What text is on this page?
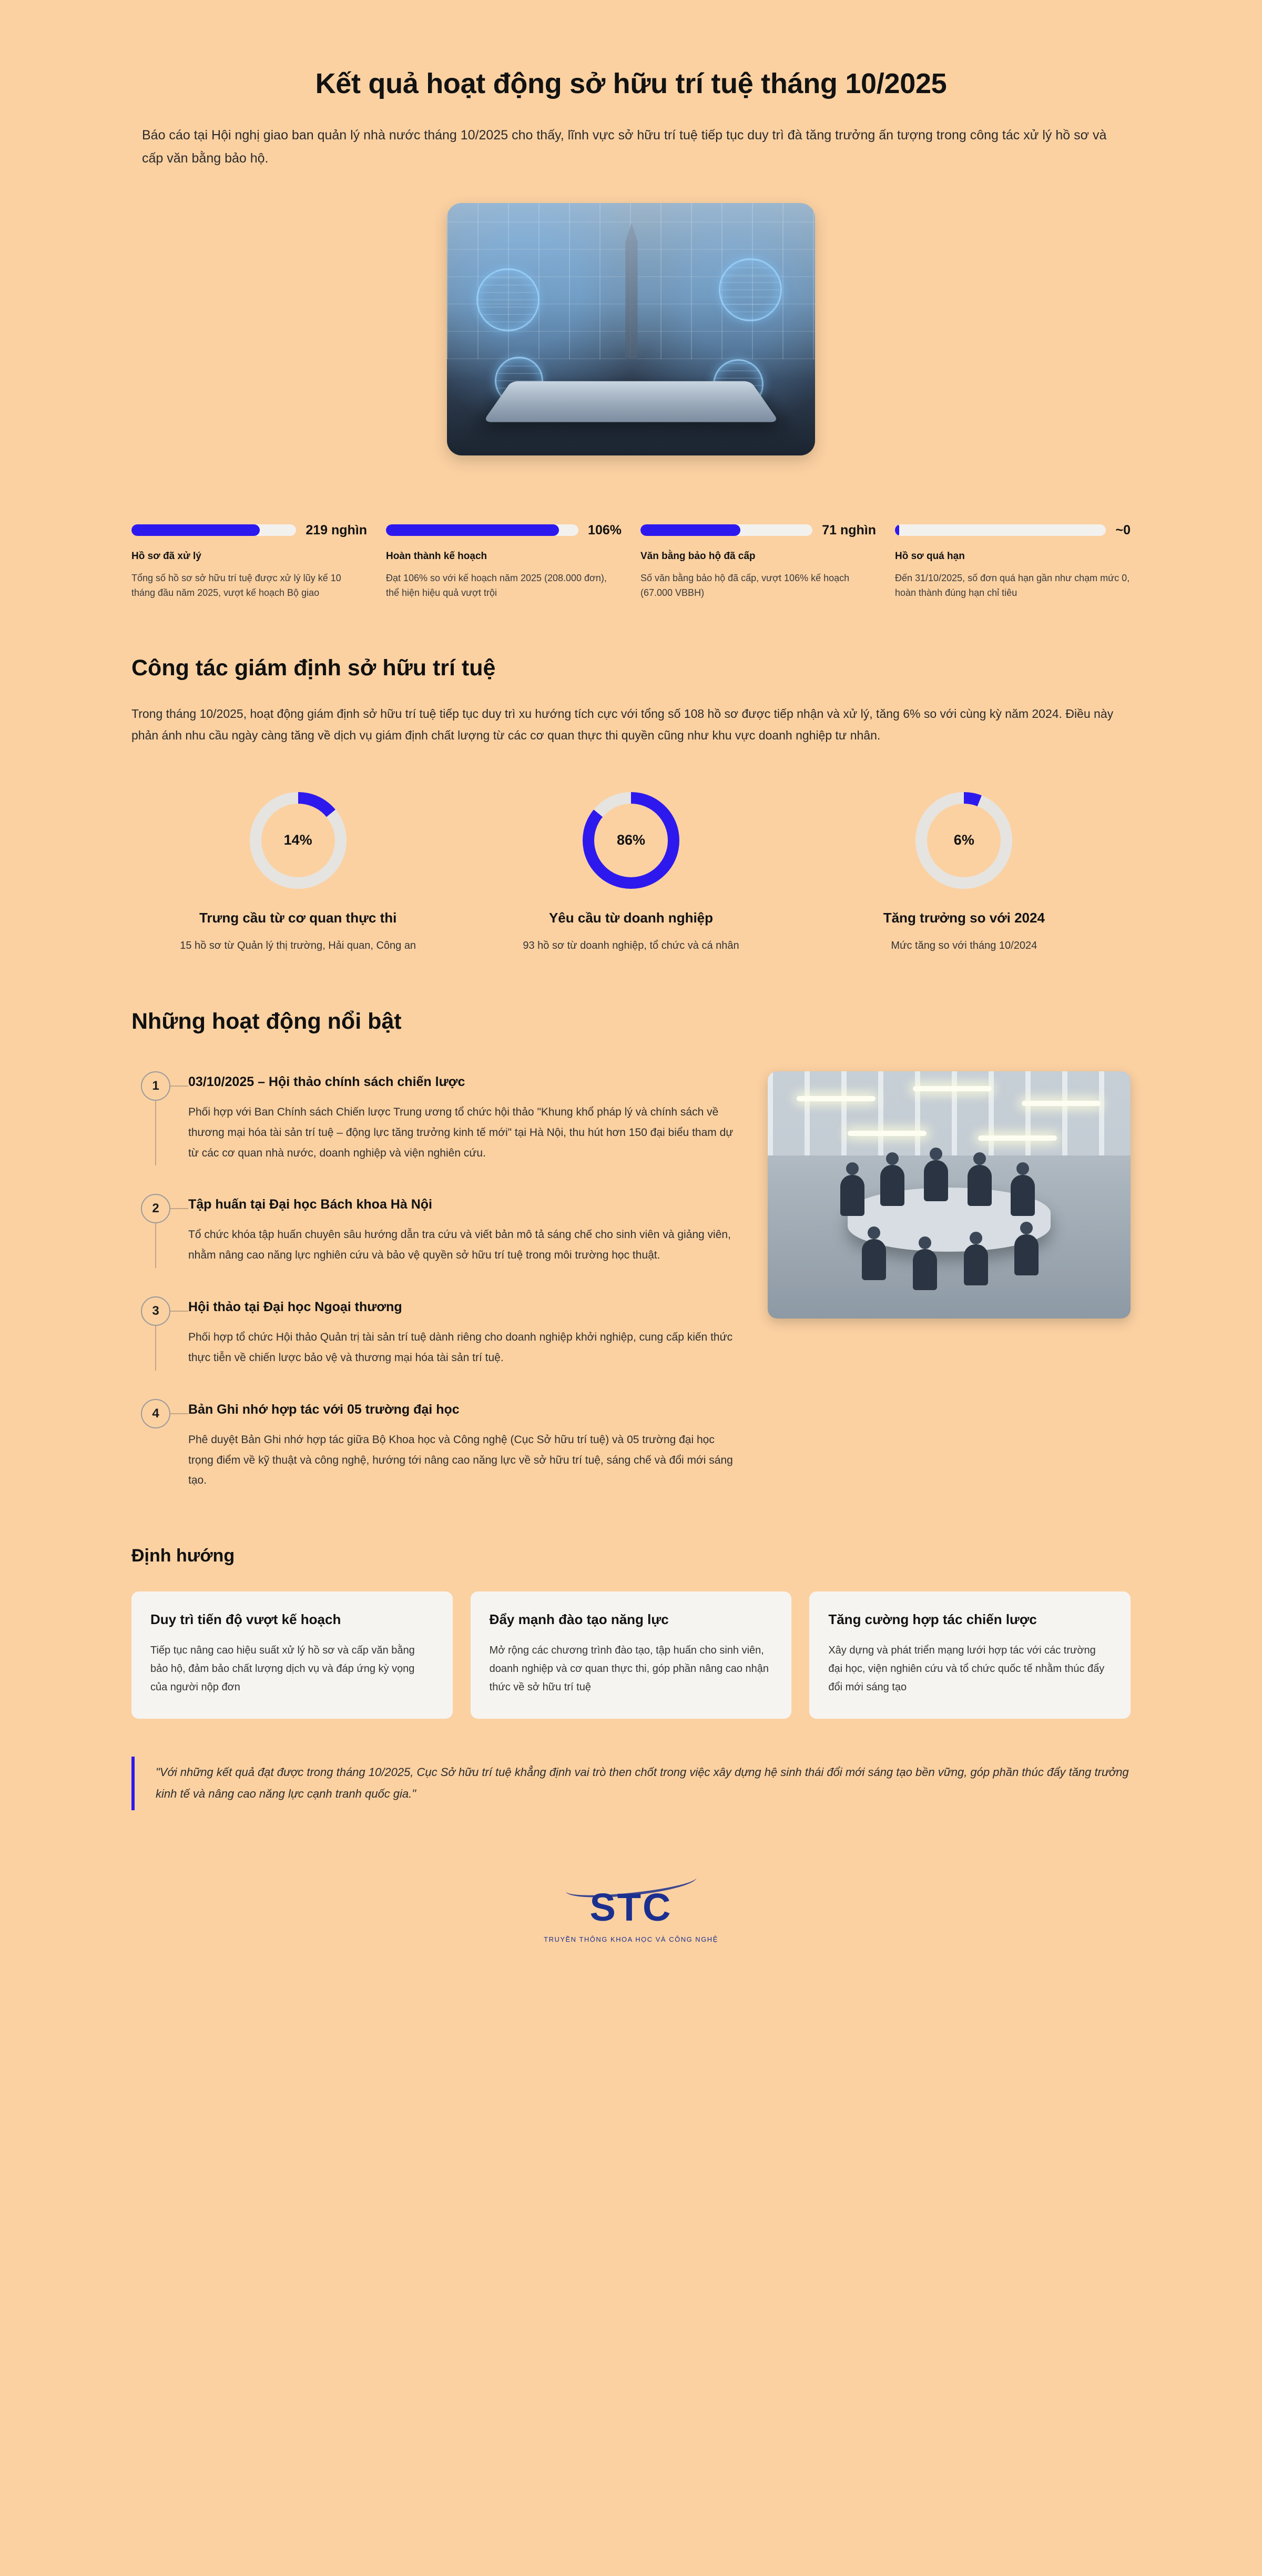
Kết quả hoạt động sở hữu trí tuệ tháng 10/2025

Báo cáo tại Hội nghị giao ban quản lý nhà nước tháng 10/2025 cho thấy, lĩnh vực sở hữu trí tuệ tiếp tục duy trì đà tăng trưởng ấn tượng trong công tác xử lý hồ sơ và cấp văn bằng bảo hộ.

219 nghìn
Hồ sơ đã xử lý
Tổng số hồ sơ sở hữu trí tuệ được xử lý lũy kế 10 tháng đầu năm 2025, vượt kế hoạch Bộ giao
106%
Hoàn thành kế hoạch
Đạt 106% so với kế hoạch năm 2025 (208.000 đơn), thể hiện hiệu quả vượt trội
71 nghìn
Văn bằng bảo hộ đã cấp
Số văn bằng bảo hộ đã cấp, vượt 106% kế hoạch (67.000 VBBH)
~0
Hồ sơ quá hạn
Đến 31/10/2025, số đơn quá hạn gần như chạm mức 0, hoàn thành đúng hạn chỉ tiêu
Công tác giám định sở hữu trí tuệ

Trong tháng 10/2025, hoạt động giám định sở hữu trí tuệ tiếp tục duy trì xu hướng tích cực với tổng số 108 hồ sơ được tiếp nhận và xử lý, tăng 6% so với cùng kỳ năm 2024. Điều này phản ánh nhu cầu ngày càng tăng về dịch vụ giám định chất lượng từ các cơ quan thực thi quyền cũng như khu vực doanh nghiệp tư nhân.

14%
Trưng cầu từ cơ quan thực thi
15 hồ sơ từ Quản lý thị trường, Hải quan, Công an
86%
Yêu cầu từ doanh nghiệp
93 hồ sơ từ doanh nghiệp, tổ chức và cá nhân
6%
Tăng trưởng so với 2024
Mức tăng so với tháng 10/2024
Những hoạt động nổi bật
1	03/10/2025 – Hội thảo chính sách chiến lược
Phối hợp với Ban Chính sách Chiến lược Trung ương tổ chức hội thảo "Khung khổ pháp lý và chính sách về thương mại hóa tài sản trí tuệ – động lực tăng trưởng kinh tế mới" tại Hà Nội, thu hút hơn 150 đại biểu tham dự từ các cơ quan nhà nước, doanh nghiệp và viện nghiên cứu.
2	Tập huấn tại Đại học Bách khoa Hà Nội
Tổ chức khóa tập huấn chuyên sâu hướng dẫn tra cứu và viết bản mô tả sáng chế cho sinh viên và giảng viên, nhằm nâng cao năng lực nghiên cứu và bảo vệ quyền sở hữu trí tuệ trong môi trường học thuật.
3	Hội thảo tại Đại học Ngoại thương
Phối hợp tổ chức Hội thảo Quản trị tài sản trí tuệ dành riêng cho doanh nghiệp khởi nghiệp, cung cấp kiến thức thực tiễn về chiến lược bảo vệ và thương mại hóa tài sản trí tuệ.
4	Bản Ghi nhớ hợp tác với 05 trường đại học
Phê duyệt Bản Ghi nhớ hợp tác giữa Bộ Khoa học và Công nghệ (Cục Sở hữu trí tuệ) và 05 trường đại học trọng điểm về kỹ thuật và công nghệ, hướng tới nâng cao năng lực về sở hữu trí tuệ, sáng chế và đổi mới sáng tạo.
Định hướng
Duy trì tiến độ vượt kế hoạch
Tiếp tục nâng cao hiệu suất xử lý hồ sơ và cấp văn bằng bảo hộ, đảm bảo chất lượng dịch vụ và đáp ứng kỳ vọng của người nộp đơn
Đẩy mạnh đào tạo năng lực
Mở rộng các chương trình đào tạo, tập huấn cho sinh viên, doanh nghiệp và cơ quan thực thi, góp phần nâng cao nhận thức về sở hữu trí tuệ
Tăng cường hợp tác chiến lược
Xây dựng và phát triển mạng lưới hợp tác với các trường đại học, viện nghiên cứu và tổ chức quốc tế nhằm thúc đẩy đổi mới sáng tạo
"Với những kết quả đạt được trong tháng 10/2025, Cục Sở hữu trí tuệ khẳng định vai trò then chốt trong việc xây dựng hệ sinh thái đổi mới sáng tạo bền vững, góp phần thúc đẩy tăng trưởng kinh tế và nâng cao năng lực cạnh tranh quốc gia."
STC
TRUYỀN THÔNG KHOA HỌC VÀ CÔNG NGHỆ
